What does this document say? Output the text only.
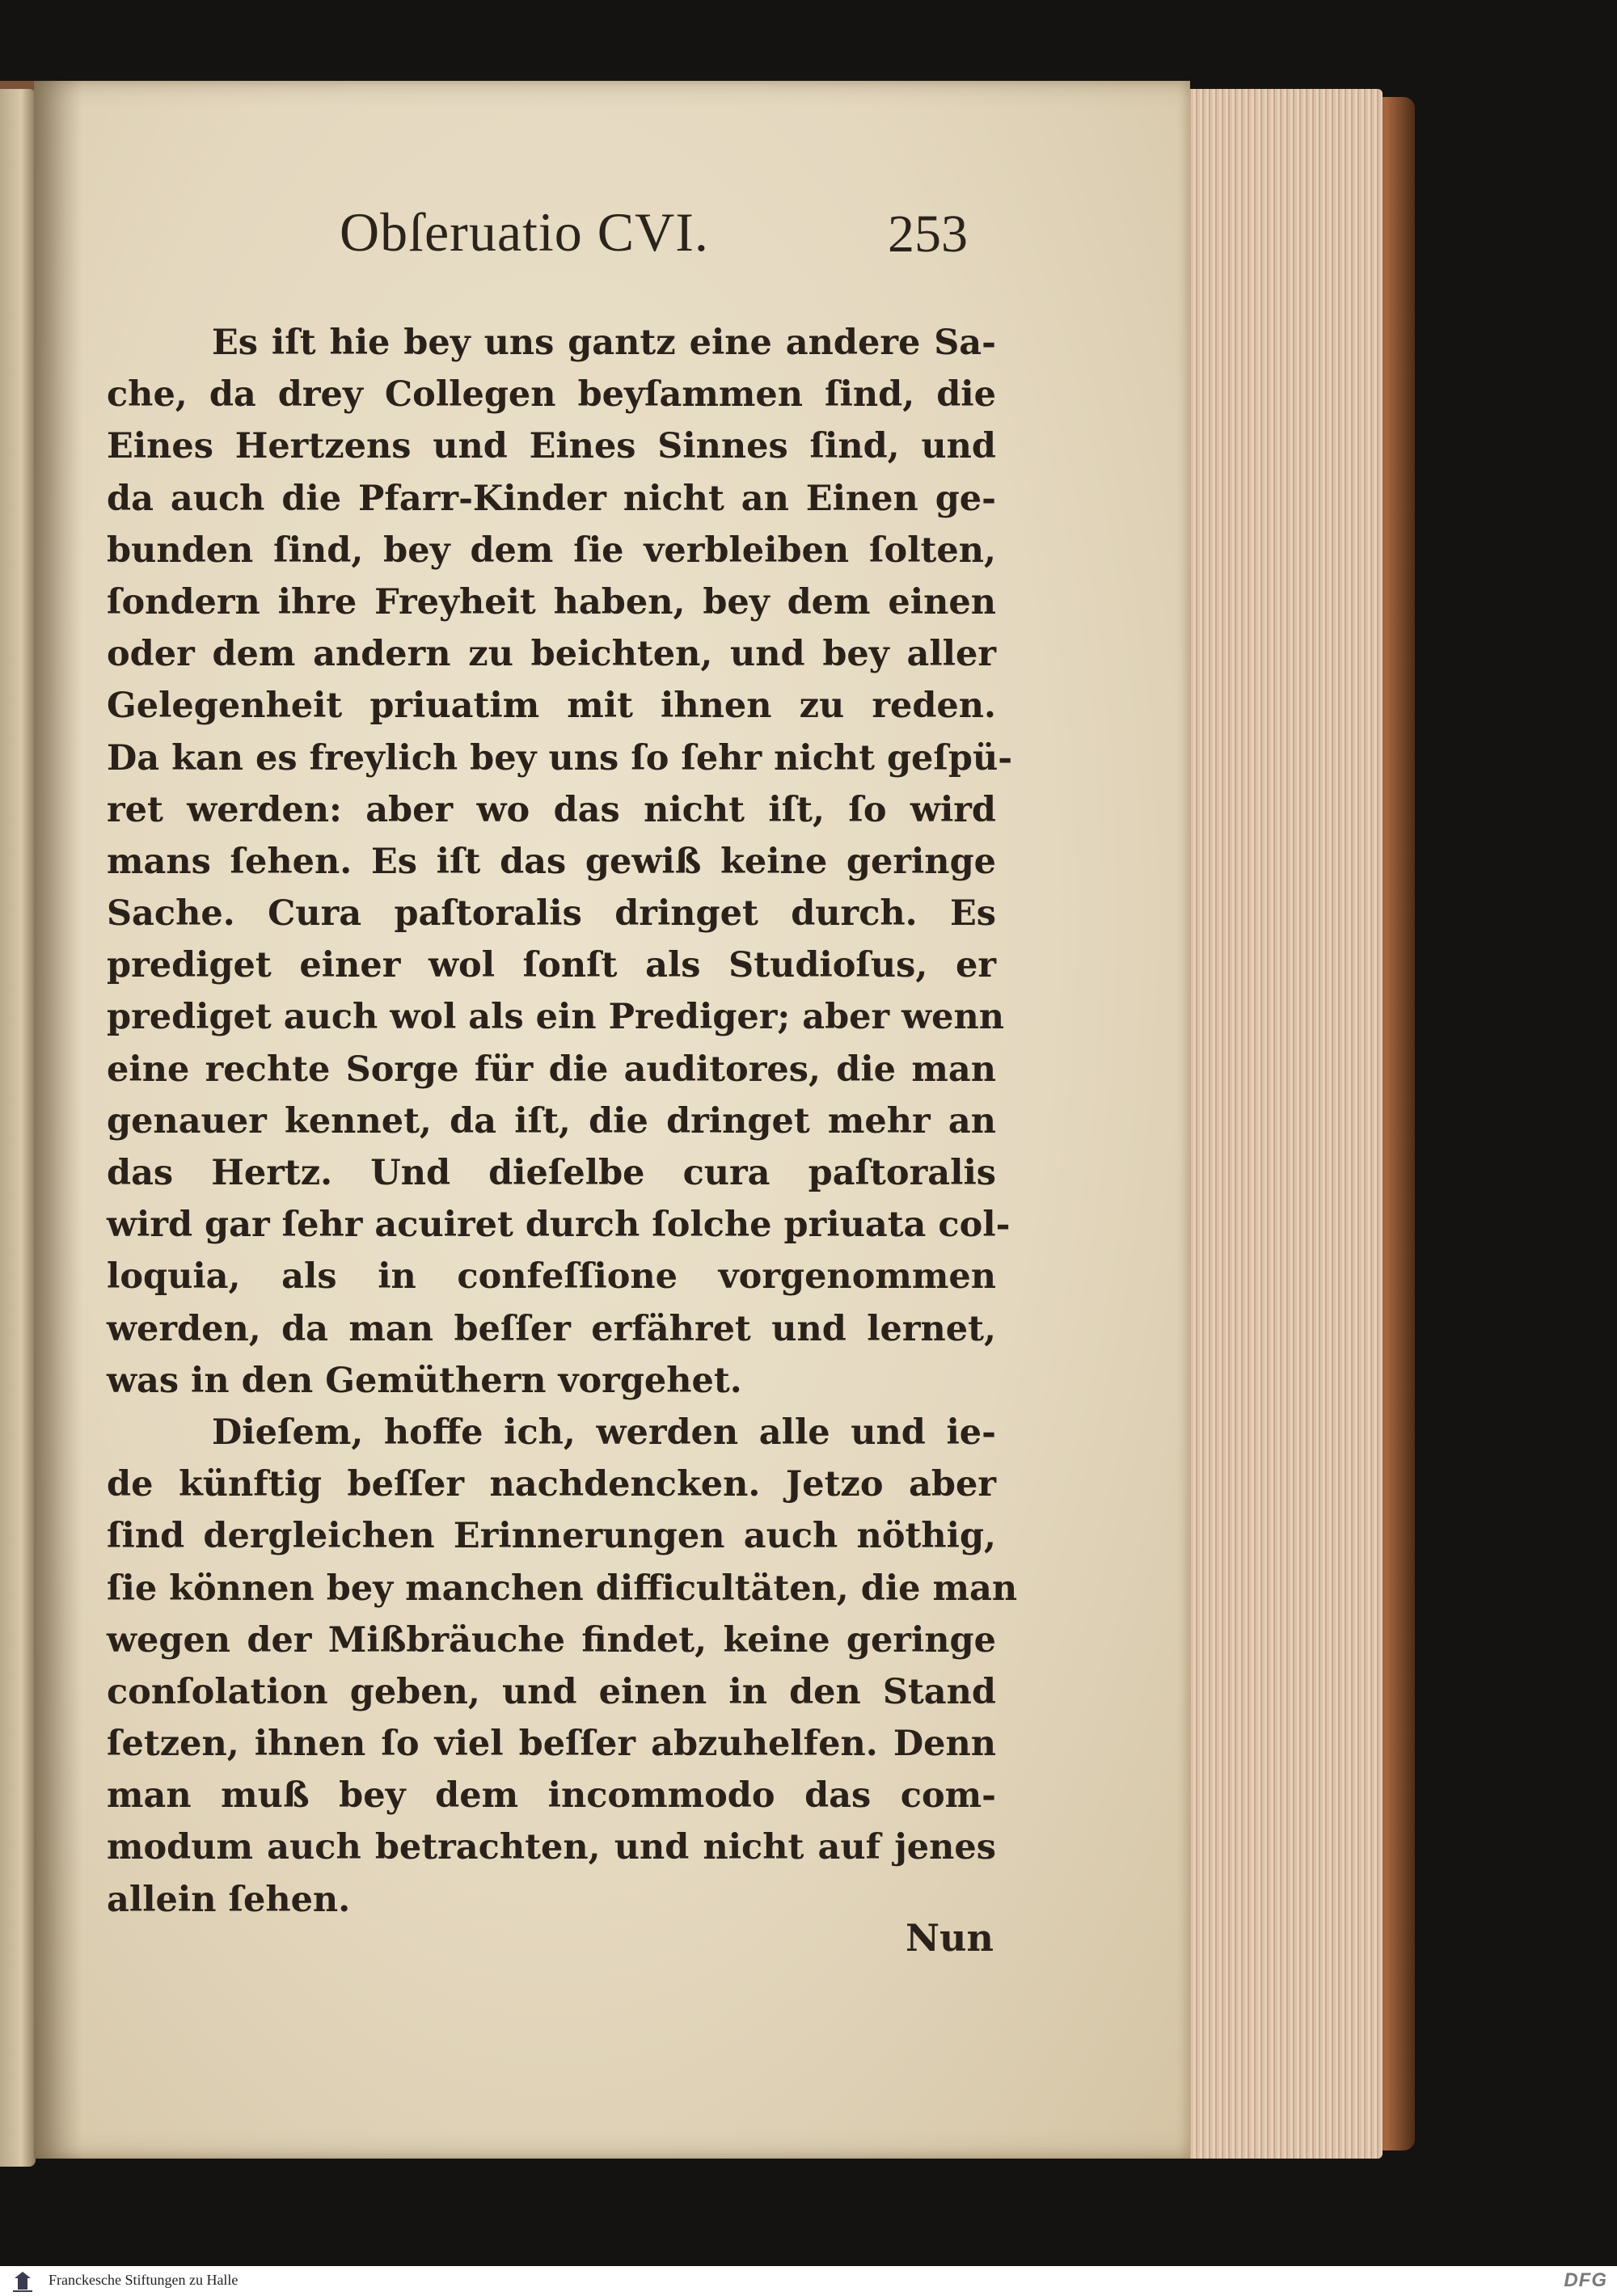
Obſeruatio CVI.	253
Es iſt hie bey uns gantz eine andere Sa-
che, da drey Collegen beyſammen ſind, die
Eines Hertzens und Eines Sinnes ſind, und
da auch die Pfarr-Kinder nicht an Einen ge-
bunden ſind, bey dem ſie verbleiben ſolten,
ſondern ihre Freyheit haben, bey dem einen
oder dem andern zu beichten, und bey aller
Gelegenheit priuatim mit ihnen zu reden.
Da kan es freylich bey uns ſo ſehr nicht geſpü-
ret werden: aber wo das nicht iſt, ſo wird
mans ſehen. Es iſt das gewiß keine geringe
Sache. Cura paſtoralis dringet durch. Es
prediget einer wol ſonſt als Studioſus, er
prediget auch wol als ein Prediger; aber wenn
eine rechte Sorge für die auditores, die man
genauer kennet, da iſt, die dringet mehr an
das Hertz. Und dieſelbe cura paſtoralis
wird gar ſehr acuiret durch ſolche priuata col-
loquia, als in confeſſione vorgenommen
werden, da man beſſer erfähret und lernet,
was in den Gemüthern vorgehet.
Dieſem, hoffe ich, werden alle und ie-
de künftig beſſer nachdencken. Jetzo aber
ſind dergleichen Erinnerungen auch nöthig,
ſie können bey manchen difficultäten, die man
wegen der Mißbräuche findet, keine geringe
conſolation geben, und einen in den Stand
ſetzen, ihnen ſo viel beſſer abzuhelfen. Denn
man muß bey dem incommodo das com-
modum auch betrachten, und nicht auf jenes
allein ſehen.
Nun
Franckesche Stiftungen zu Halle	DFG
